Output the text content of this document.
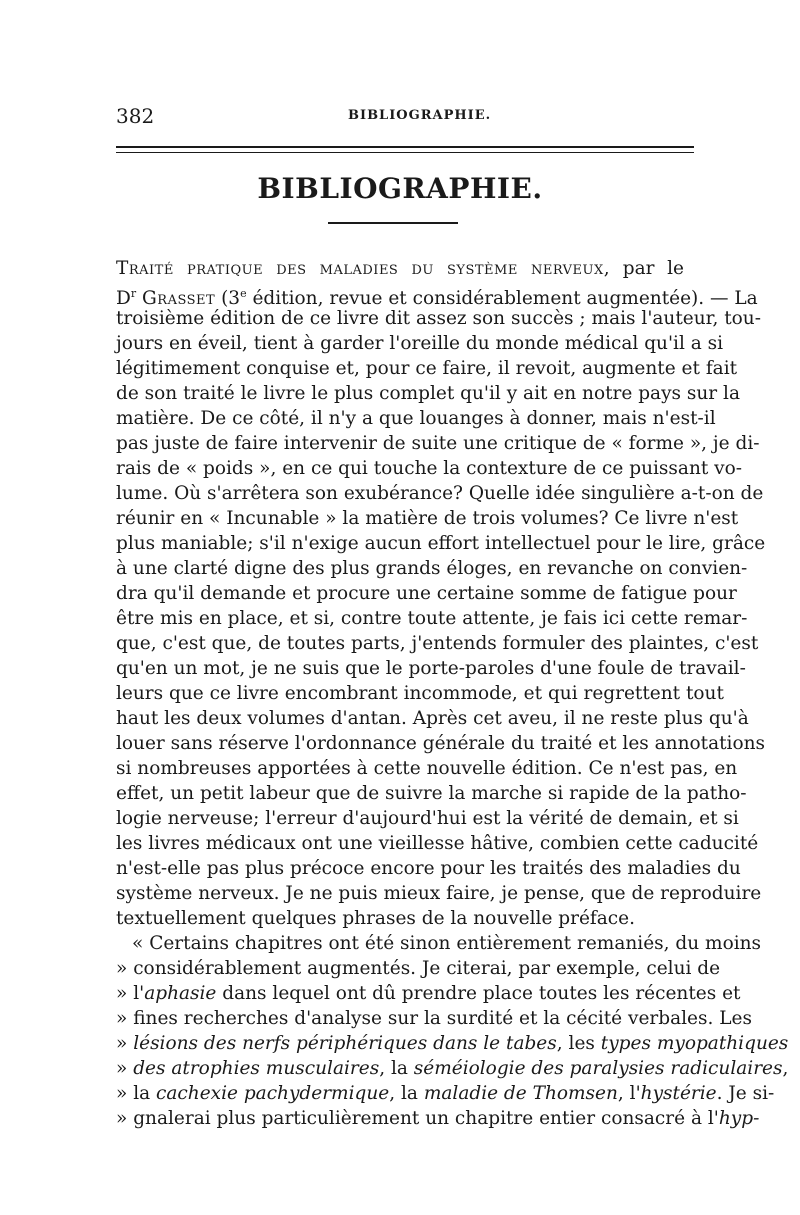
382	BIBLIOGRAPHIE.
BIBLIOGRAPHIE.
Traité pratique des maladies du système nerveux, par le
$D^r$ Grasset (3e édition, revue et considérablement augmentée). — La
troisième édition de ce livre dit assez son succès ; mais l'auteur, tou-
jours en éveil, tient à garder l'oreille du monde médical qu'il a si
légitimement conquise et, pour ce faire, il revoit, augmente et fait
de son traité le livre le plus complet qu'il y ait en notre pays sur la
matière. De ce côté, il n'y a que louanges à donner, mais n'est-il
pas juste de faire intervenir de suite une critique de « forme », je di-
rais de « poids », en ce qui touche la contexture de ce puissant vo-
lume. Où s'arrêtera son exubérance? Quelle idée singulière a-t-on de
réunir en « Incunable » la matière de trois volumes? Ce livre n'est
plus maniable; s'il n'exige aucun effort intellectuel pour le lire, grâce
à une clarté digne des plus grands éloges, en revanche on convien-
dra qu'il demande et procure une certaine somme de fatigue pour
être mis en place, et si, contre toute attente, je fais ici cette remar-
que, c'est que, de toutes parts, j'entends formuler des plaintes, c'est
qu'en un mot, je ne suis que le porte-paroles d'une foule de travail-
leurs que ce livre encombrant incommode, et qui regrettent tout
haut les deux volumes d'antan. Après cet aveu, il ne reste plus qu'à
louer sans réserve l'ordonnance générale du traité et les annotations
si nombreuses apportées à cette nouvelle édition. Ce n'est pas, en
effet, un petit labeur que de suivre la marche si rapide de la patho-
logie nerveuse; l'erreur d'aujourd'hui est la vérité de demain, et si
les livres médicaux ont une vieillesse hâtive, combien cette caducité
n'est-elle pas plus précoce encore pour les traités des maladies du
système nerveux. Je ne puis mieux faire, je pense, que de reproduire
textuellement quelques phrases de la nouvelle préface.
« Certains chapitres ont été sinon entièrement remaniés, du moins
» considérablement augmentés. Je citerai, par exemple, celui de
» l'aphasie dans lequel ont dû prendre place toutes les récentes et
» fines recherches d'analyse sur la surdité et la cécité verbales. Les
» lésions des nerfs périphériques dans le tabes, les types myopathiques
» des atrophies musculaires, la séméiologie des paralysies radiculaires,
» la cachexie pachydermique, la maladie de Thomsen, l'hystérie. Je si-
» gnalerai plus particulièrement un chapitre entier consacré à l'hyp-
